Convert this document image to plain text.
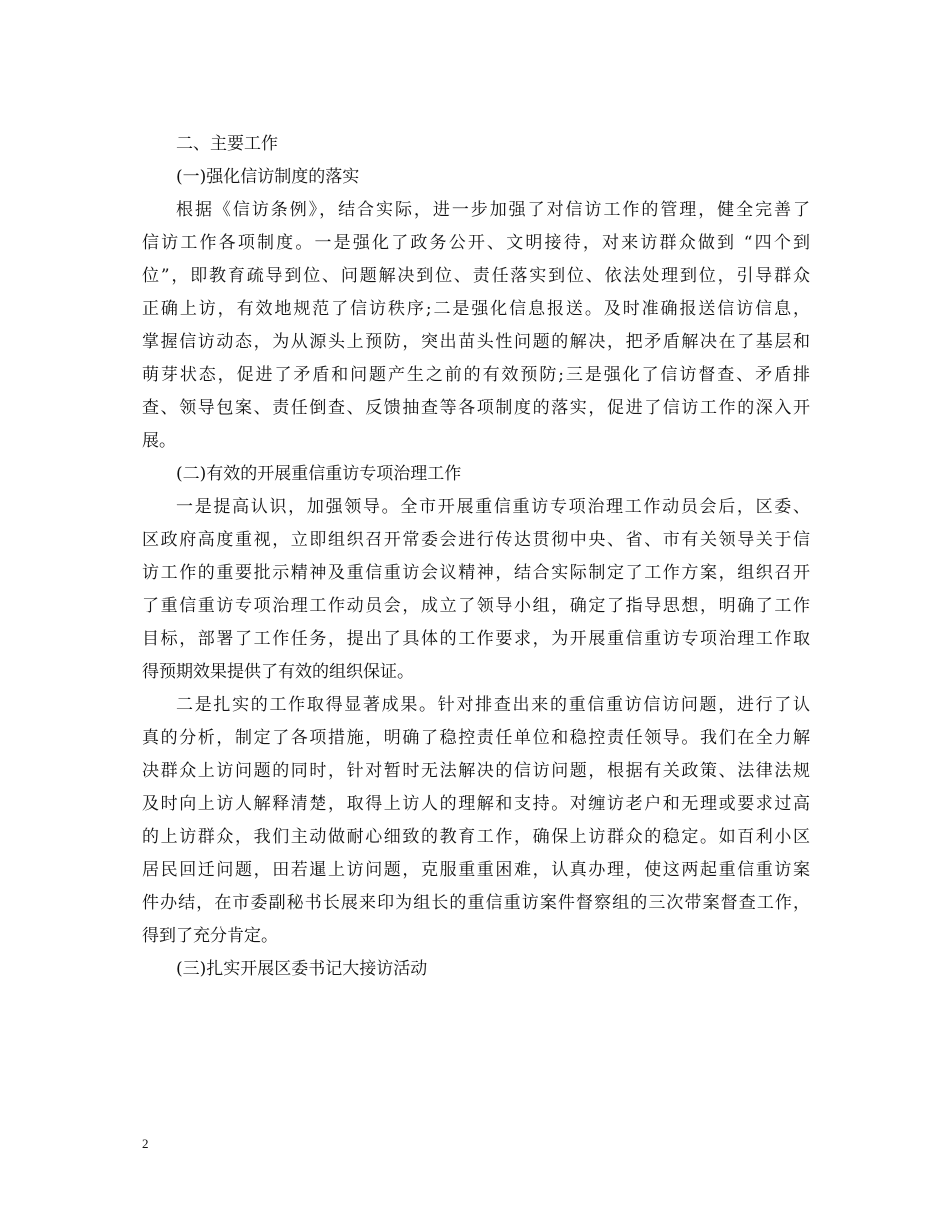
二、主要工作

(一)强化信访制度的落实

根据《信访条例》，结合实际，进一步加强了对信访工作的管理，健全完善了
信访工作各项制度。一是强化了政务公开、文明接待，对来访群众做到 “四个到
位”，即教育疏导到位、问题解决到位、责任落实到位、依法处理到位，引导群众
正确上访，有效地规范了信访秩序;二是强化信息报送。及时准确报送信访信息，
掌握信访动态，为从源头上预防，突出苗头性问题的解决，把矛盾解决在了基层和
萌芽状态，促进了矛盾和问题产生之前的有效预防;三是强化了信访督查、矛盾排
查、领导包案、责任倒查、反馈抽查等各项制度的落实，促进了信访工作的深入开
展。

(二)有效的开展重信重访专项治理工作

一是提高认识，加强领导。全市开展重信重访专项治理工作动员会后，区委、
区政府高度重视，立即组织召开常委会进行传达贯彻中央、省、市有关领导关于信
访工作的重要批示精神及重信重访会议精神，结合实际制定了工作方案，组织召开
了重信重访专项治理工作动员会，成立了领导小组，确定了指导思想，明确了工作
目标，部署了工作任务，提出了具体的工作要求，为开展重信重访专项治理工作取
得预期效果提供了有效的组织保证。

二是扎实的工作取得显著成果。针对排查出来的重信重访信访问题，进行了认
真的分析，制定了各项措施，明确了稳控责任单位和稳控责任领导。我们在全力解
决群众上访问题的同时，针对暂时无法解决的信访问题，根据有关政策、法律法规
及时向上访人解释清楚，取得上访人的理解和支持。对缠访老户和无理或要求过高
的上访群众，我们主动做耐心细致的教育工作，确保上访群众的稳定。如百利小区
居民回迁问题，田若暹上访问题，克服重重困难，认真办理，使这两起重信重访案
件办结，在市委副秘书长展来印为组长的重信重访案件督察组的三次带案督查工作，
得到了充分肯定。

(三)扎实开展区委书记大接访活动

2
